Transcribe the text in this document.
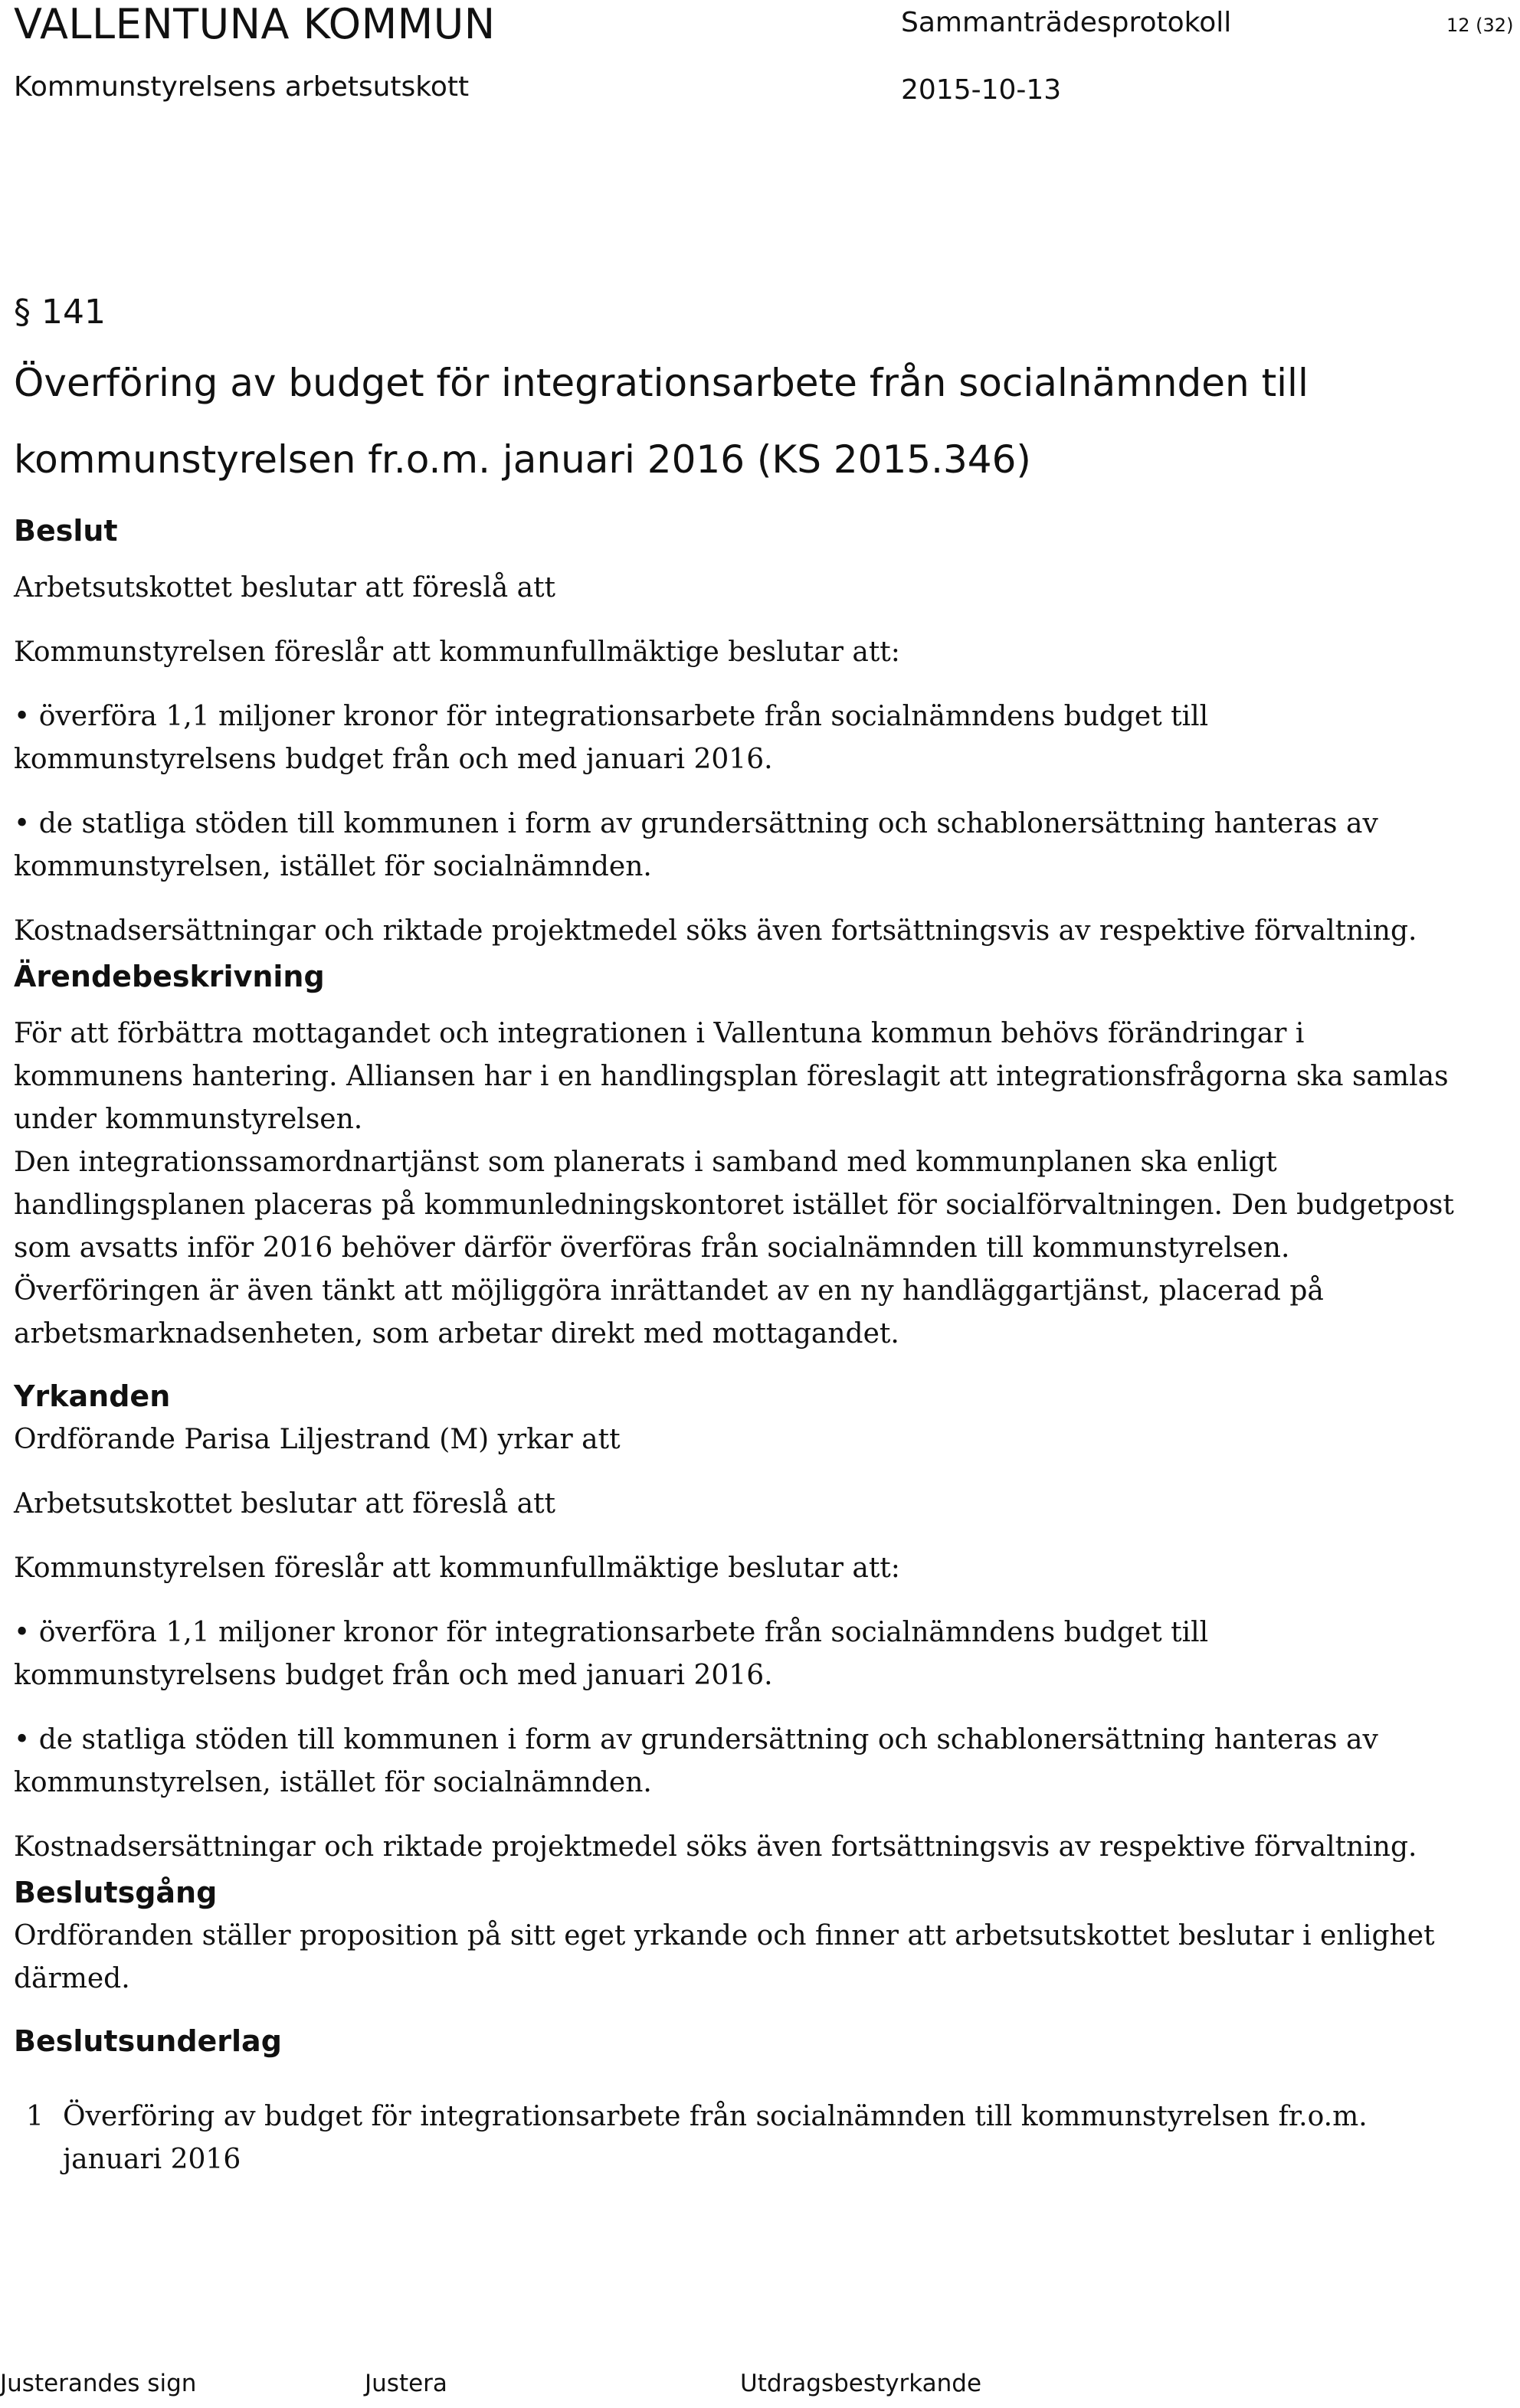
VALLENTUNA KOMMUN	Sammanträdesprotokoll	12 (32)
Kommunstyrelsens arbetsutskott	2015-10-13
§ 141
Överföring av budget för integrationsarbete från socialnämnden till kommunstyrelsen fr.o.m. januari 2016 (KS 2015.346)
Beslut
Arbetsutskottet beslutar att föreslå att
Kommunstyrelsen föreslår att kommunfullmäktige beslutar att:
• överföra 1,1 miljoner kronor för integrationsarbete från socialnämndens budget till kommunstyrelsens budget från och med januari 2016.
• de statliga stöden till kommunen i form av grundersättning och schablonersättning hanteras av kommunstyrelsen, istället för socialnämnden.
Kostnadsersättningar och riktade projektmedel söks även fortsättningsvis av respektive förvaltning.
Ärendebeskrivning
För att förbättra mottagandet och integrationen i Vallentuna kommun behövs förändringar i kommunens hantering. Alliansen har i en handlingsplan föreslagit att integrationsfrågorna ska samlas under kommunstyrelsen.
Den integrationssamordnartjänst som planerats i samband med kommunplanen ska enligt handlingsplanen placeras på kommunledningskontoret istället för socialförvaltningen. Den budgetpost som avsatts inför 2016 behöver därför överföras från socialnämnden till kommunstyrelsen.
Överföringen är även tänkt att möjliggöra inrättandet av en ny handläggartjänst, placerad på arbetsmarknadsenheten, som arbetar direkt med mottagandet.
Yrkanden
Ordförande Parisa Liljestrand (M) yrkar att
Arbetsutskottet beslutar att föreslå att
Kommunstyrelsen föreslår att kommunfullmäktige beslutar att:
• överföra 1,1 miljoner kronor för integrationsarbete från socialnämndens budget till kommunstyrelsens budget från och med januari 2016.
• de statliga stöden till kommunen i form av grundersättning och schablonersättning hanteras av kommunstyrelsen, istället för socialnämnden.
Kostnadsersättningar och riktade projektmedel söks även fortsättningsvis av respektive förvaltning.
Beslutsgång
Ordföranden ställer proposition på sitt eget yrkande och finner att arbetsutskottet beslutar i enlighet därmed.
Beslutsunderlag
1 Överföring av budget för integrationsarbete från socialnämnden till kommunstyrelsen fr.o.m. januari 2016
Justerandes sign	Justera	Utdragsbestyrkande
